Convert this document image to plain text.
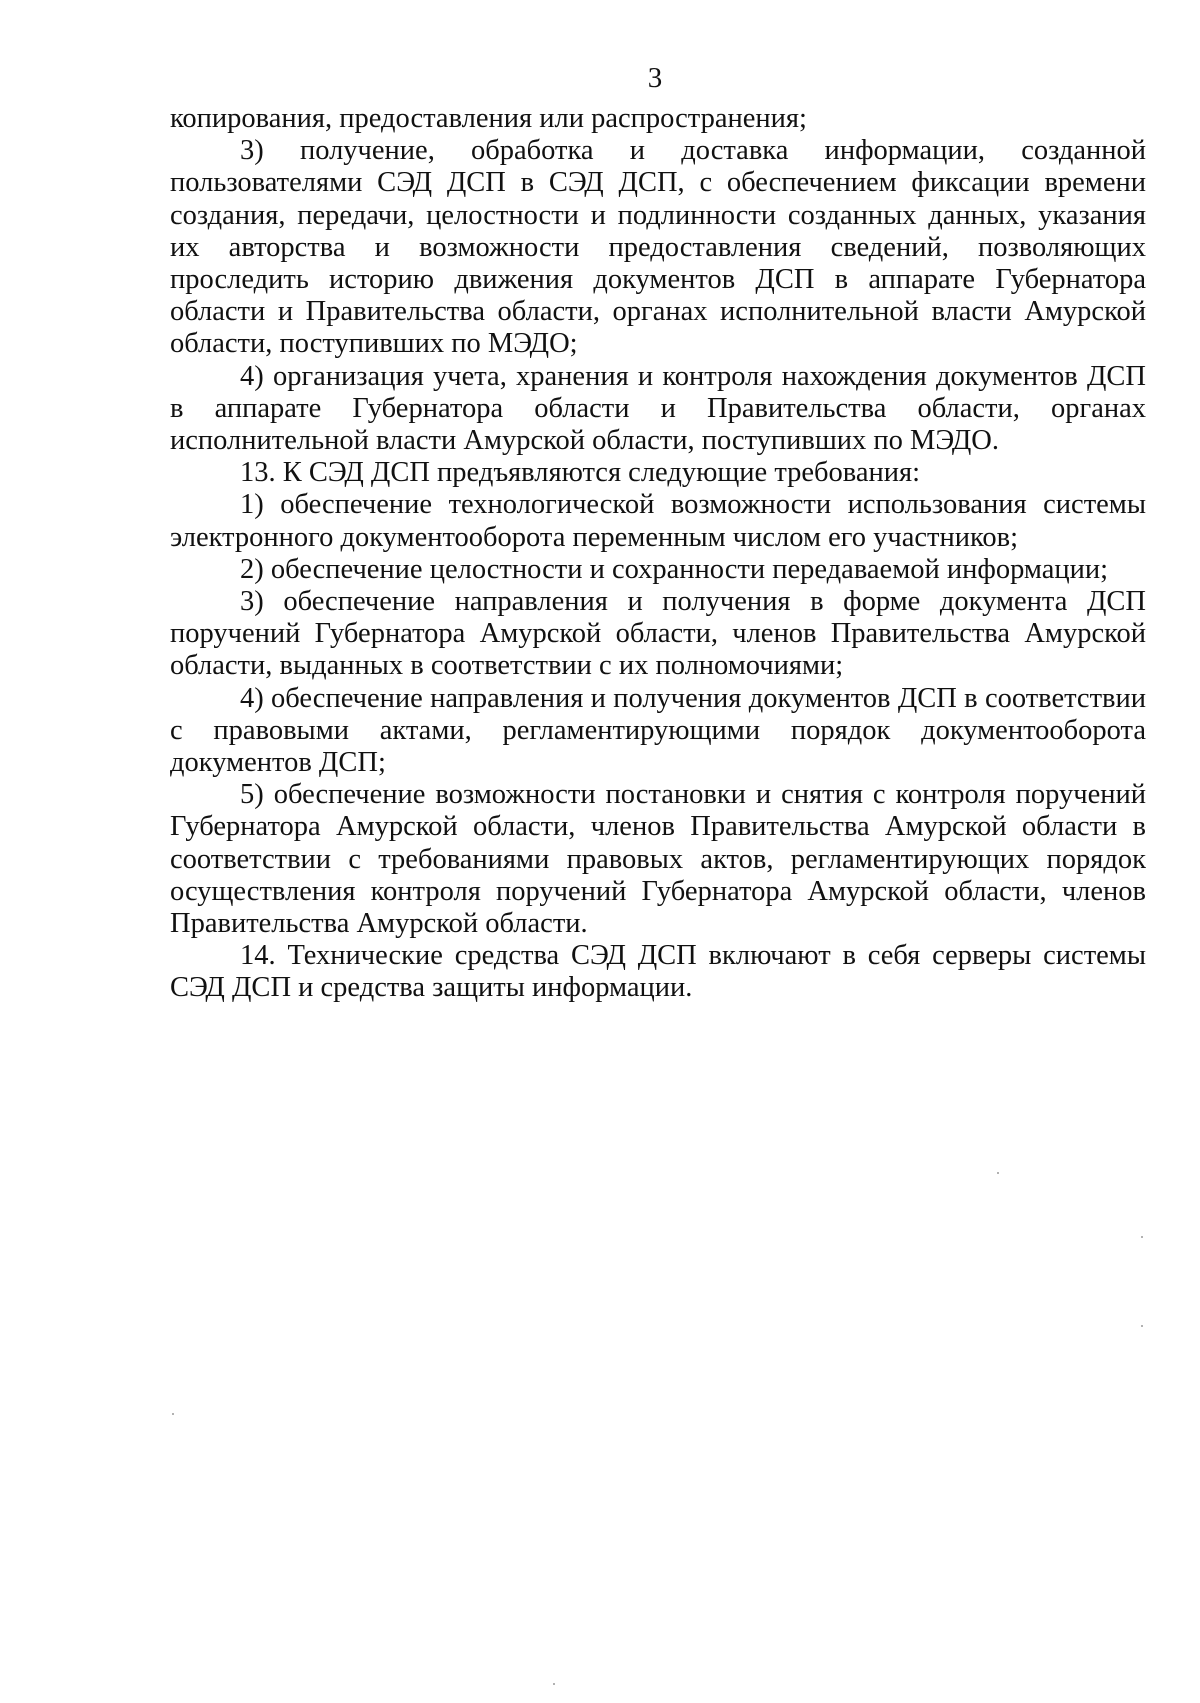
3

копирования, предоставления или распространения;

3) получение, обработка и доставка информации, созданной пользователями СЭД ДСП в СЭД ДСП, с обеспечением фиксации времени создания, передачи, целостности и подлинности созданных данных, указания их авторства и возможности предоставления сведений, позволяющих проследить историю движения документов ДСП в аппарате Губернатора области и Правительства области, органах исполнительной власти Амурской области, поступивших по МЭДО;

4) организация учета, хранения и контроля нахождения документов ДСП в аппарате Губернатора области и Правительства области, органах исполнительной власти Амурской области, поступивших по МЭДО.

13. К СЭД ДСП предъявляются следующие требования:

1) обеспечение технологической возможности использования системы электронного документооборота переменным числом его участников;

2) обеспечение целостности и сохранности передаваемой информации;

3) обеспечение направления и получения в форме документа ДСП поручений Губернатора Амурской области, членов Правительства Амурской области, выданных в соответствии с их полномочиями;

4) обеспечение направления и получения документов ДСП в соответствии с правовыми актами, регламентирующими порядок документооборота документов ДСП;

5) обеспечение возможности постановки и снятия с контроля поручений Губернатора Амурской области, членов Правительства Амурской области в соответствии с требованиями правовых актов, регламентирующих порядок осуществления контроля поручений Губернатора Амурской области, членов Правительства Амурской области.

14. Технические средства СЭД ДСП включают в себя серверы системы СЭД ДСП и средства защиты информации.
